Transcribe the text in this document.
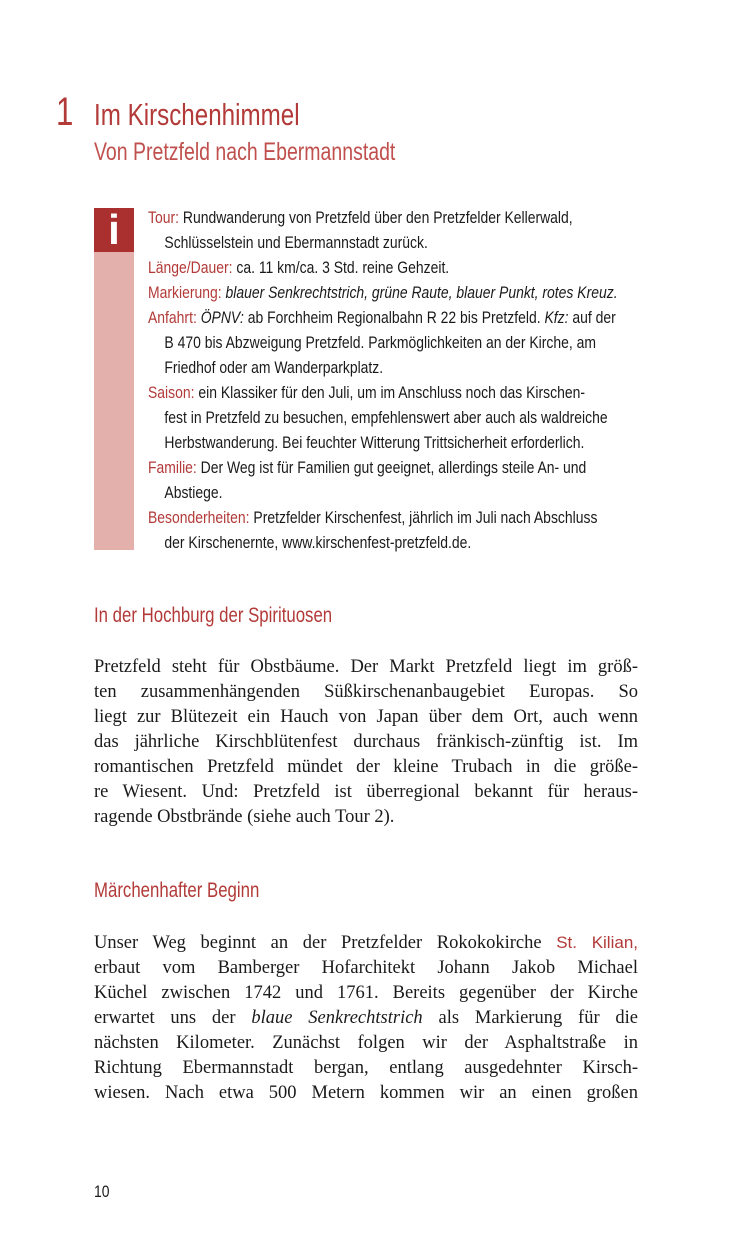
1 Im Kirschenhimmel
Von Pretzfeld nach Ebermannstadt
i	Tour: Rundwanderung von Pretzfeld über den Pretzfelder Kellerwald,
Schlüsselstein und Ebermannstadt zurück.
Länge/Dauer: ca. 11 km/ca. 3 Std. reine Gehzeit.
Markierung: blauer Senkrechtstrich, grüne Raute, blauer Punkt, rotes Kreuz.
Anfahrt: ÖPNV: ab Forchheim Regionalbahn R 22 bis Pretzfeld. Kfz: auf der
B 470 bis Abzweigung Pretzfeld. Parkmöglichkeiten an der Kirche, am
Friedhof oder am Wanderparkplatz.
Saison: ein Klassiker für den Juli, um im Anschluss noch das Kirschen-
fest in Pretzfeld zu besuchen, empfehlenswert aber auch als waldreiche
Herbstwanderung. Bei feuchter Witterung Trittsicherheit erforderlich.
Familie: Der Weg ist für Familien gut geeignet, allerdings steile An- und
Abstiege.
Besonderheiten: Pretzfelder Kirschenfest, jährlich im Juli nach Abschluss
der Kirschenernte, www.kirschenfest-pretzfeld.de.
In der Hochburg der Spirituosen
Pretzfeld steht für Obstbäume. Der Markt Pretzfeld liegt im größ-
ten zusammenhängenden Süßkirschenanbaugebiet Europas. So
liegt zur Blütezeit ein Hauch von Japan über dem Ort, auch wenn
das jährliche Kirschblütenfest durchaus fränkisch-zünftig ist. Im
romantischen Pretzfeld mündet der kleine Trubach in die größe-
re Wiesent. Und: Pretzfeld ist überregional bekannt für heraus-
ragende Obstbrände (siehe auch Tour 2).
Märchenhafter Beginn
Unser Weg beginnt an der Pretzfelder Rokokokirche St. Kilian,
erbaut vom Bamberger Hofarchitekt Johann Jakob Michael
Küchel zwischen 1742 und 1761. Bereits gegenüber der Kirche
erwartet uns der blaue Senkrechtstrich als Markierung für die
nächsten Kilometer. Zunächst folgen wir der Asphaltstraße in
Richtung Ebermannstadt bergan, entlang ausgedehnter Kirsch-
wiesen. Nach etwa 500 Metern kommen wir an einen großen
10
